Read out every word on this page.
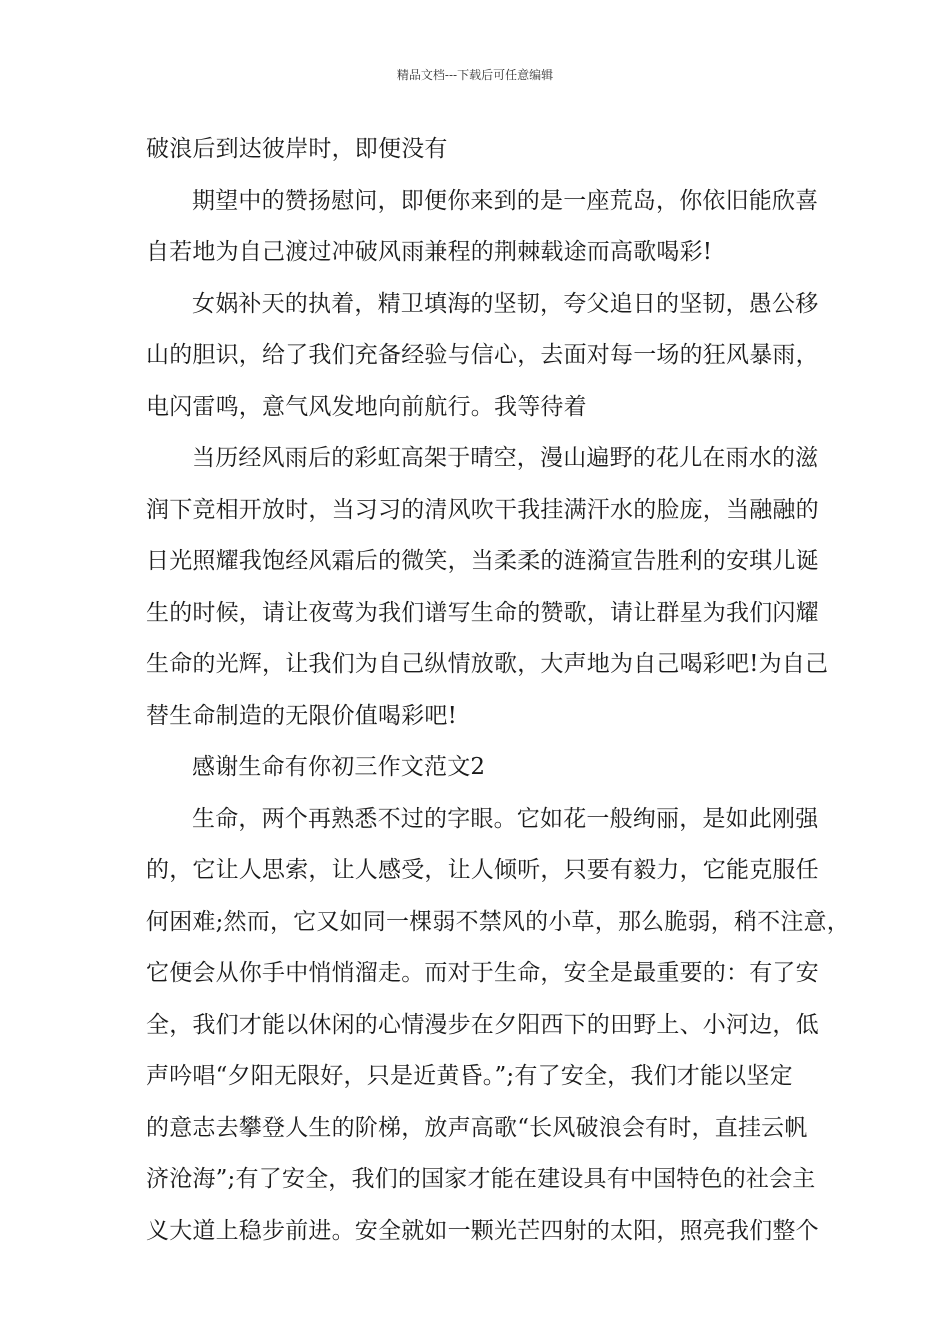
精品文档---下载后可任意编辑
破浪后到达彼岸时，即便没有
期望中的赞扬慰问，即便你来到的是一座荒岛，你依旧能欣喜
自若地为自己渡过冲破风雨兼程的荆棘载途而高歌喝彩!
女娲补天的执着，精卫填海的坚韧，夸父追日的坚韧，愚公移
山的胆识，给了我们充备经验与信心，去面对每一场的狂风暴雨，
电闪雷鸣，意气风发地向前航行。我等待着
当历经风雨后的彩虹高架于晴空，漫山遍野的花儿在雨水的滋
润下竞相开放时，当习习的清风吹干我挂满汗水的脸庞，当融融的
日光照耀我饱经风霜后的微笑，当柔柔的涟漪宣告胜利的安琪儿诞
生的时候，请让夜莺为我们谱写生命的赞歌，请让群星为我们闪耀
生命的光辉，让我们为自己纵情放歌，大声地为自己喝彩吧!为自己
替生命制造的无限价值喝彩吧!
感谢生命有你初三作文范文2
生命，两个再熟悉不过的字眼。它如花一般绚丽，是如此刚强
的，它让人思索，让人感受，让人倾听，只要有毅力，它能克服任
何困难;然而，它又如同一棵弱不禁风的小草，那么脆弱，稍不注意，
它便会从你手中悄悄溜走。而对于生命，安全是最重要的：有了安
全，我们才能以休闲的心情漫步在夕阳西下的田野上、小河边，低
声吟唱“夕阳无限好，只是近黄昏。”;有了安全，我们才能以坚定
的意志去攀登人生的阶梯，放声高歌“长风破浪会有时，直挂云帆
济沧海”;有了安全，我们的国家才能在建设具有中国特色的社会主
义大道上稳步前进。安全就如一颗光芒四射的太阳，照亮我们整个
